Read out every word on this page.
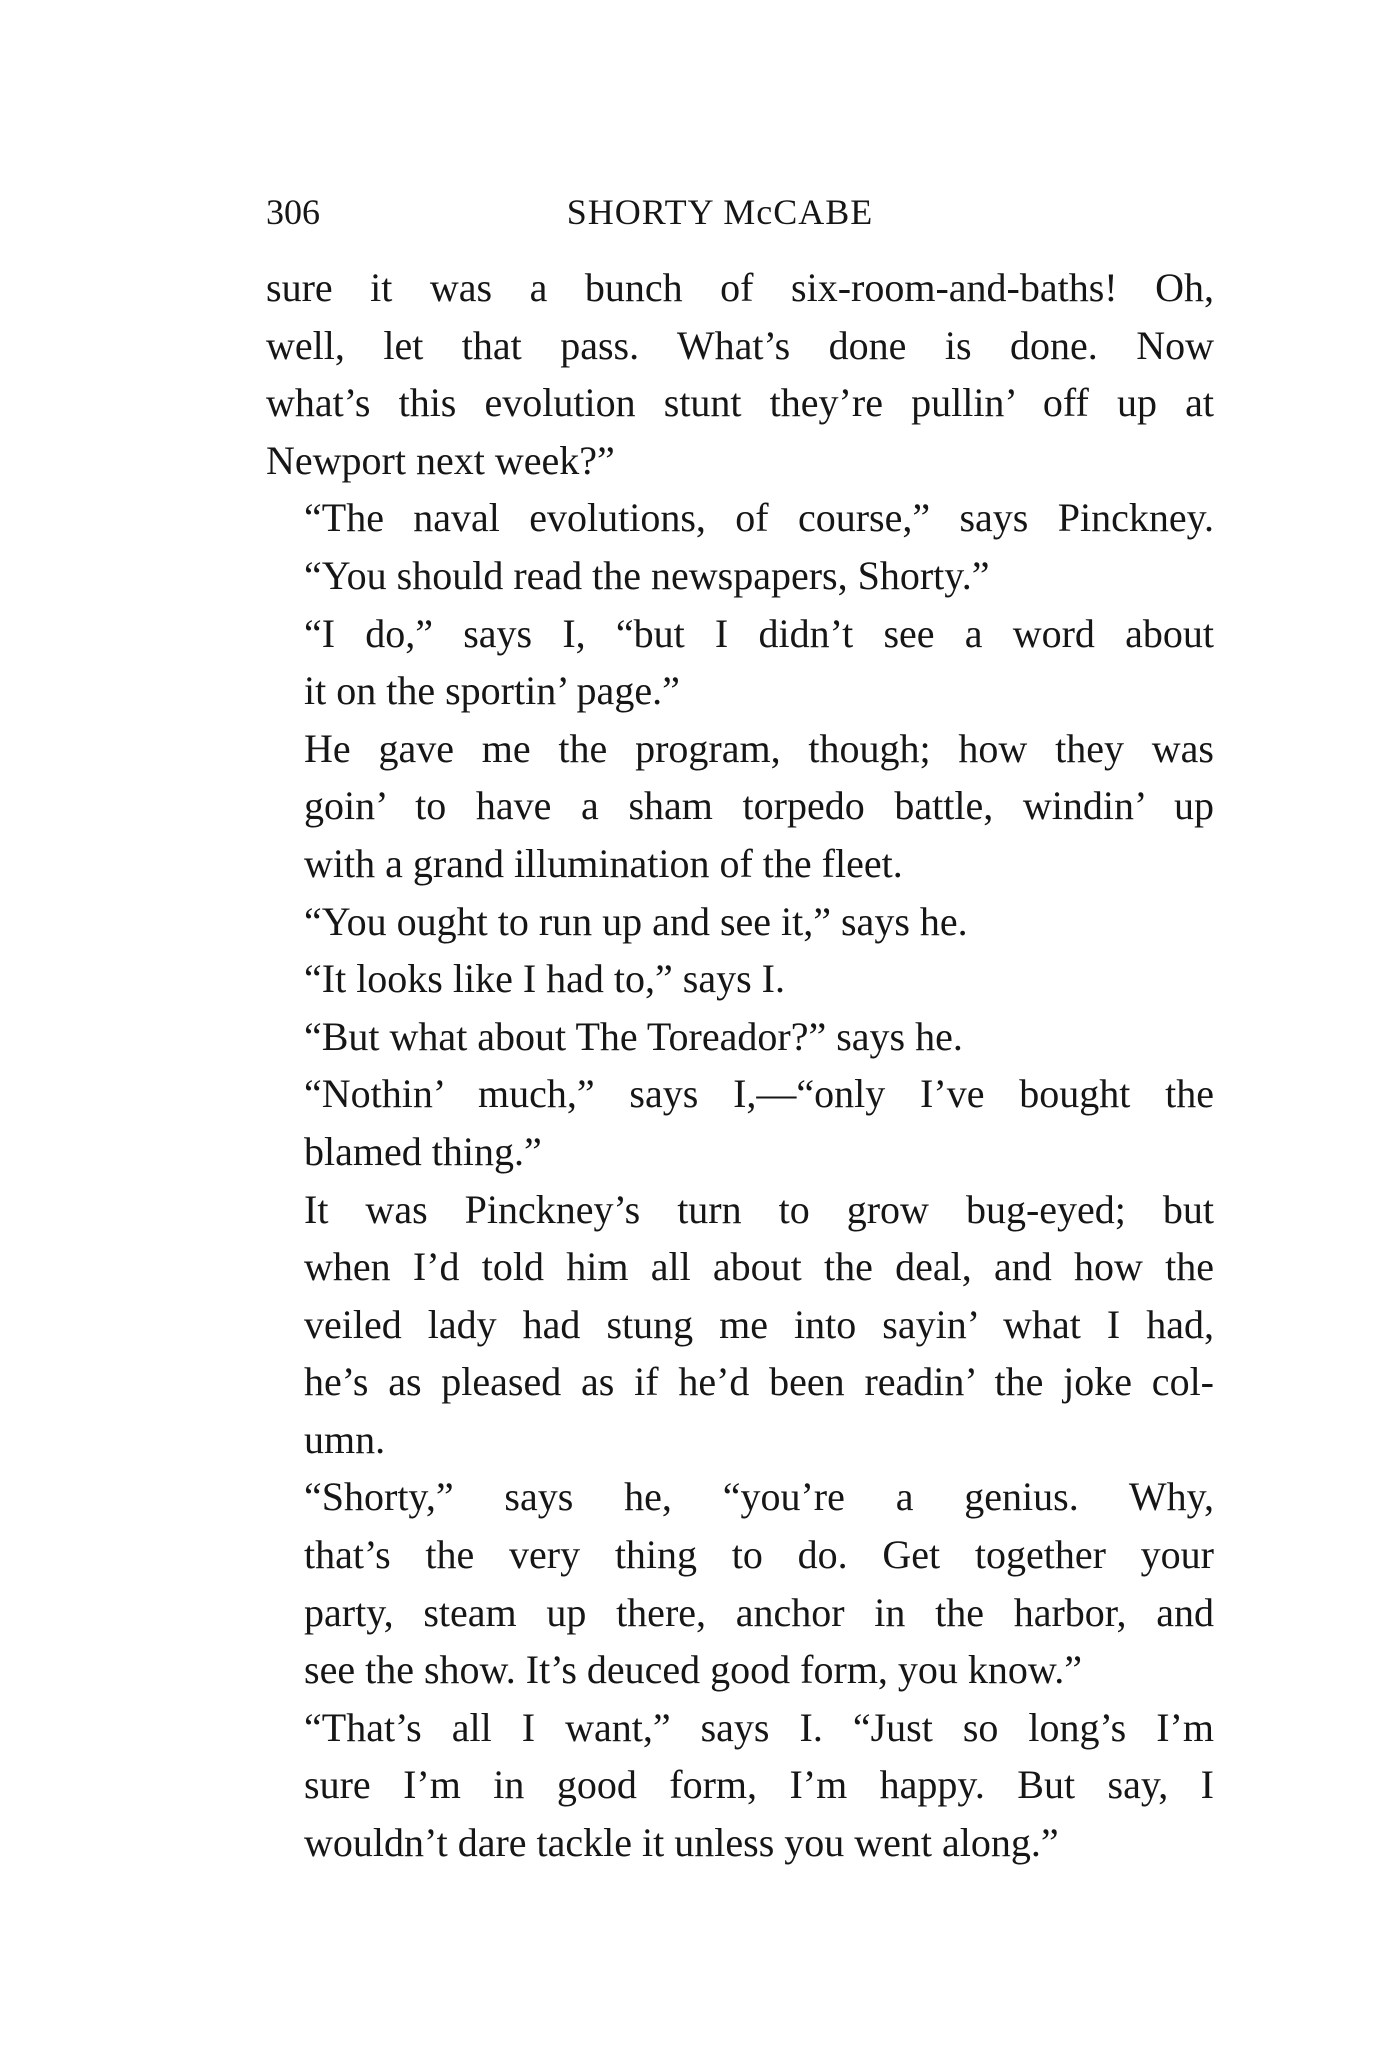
306	SHORTY McCABE

sure it was a bunch of six-room-and-baths! Oh,
well, let that pass. What’s done is done. Now
what’s this evolution stunt they’re pullin’ off up at
Newport next week?”

“The naval evolutions, of course,” says Pinckney.
“You should read the newspapers, Shorty.”

“I do,” says I, “but I didn’t see a word about
it on the sportin’ page.”

He gave me the program, though; how they was
goin’ to have a sham torpedo battle, windin’ up
with a grand illumination of the fleet.

“You ought to run up and see it,” says he.

“It looks like I had to,” says I.

“But what about The Toreador?” says he.

“Nothin’ much,” says I,—“only I’ve bought the
blamed thing.”

It was Pinckney’s turn to grow bug-eyed; but
when I’d told him all about the deal, and how the
veiled lady had stung me into sayin’ what I had,
he’s as pleased as if he’d been readin’ the joke col-
umn.

“Shorty,” says he, “you’re a genius. Why,
that’s the very thing to do. Get together your
party, steam up there, anchor in the harbor, and
see the show. It’s deuced good form, you know.”

“That’s all I want,” says I. “Just so long’s I’m
sure I’m in good form, I’m happy. But say, I
wouldn’t dare tackle it unless you went along.”
